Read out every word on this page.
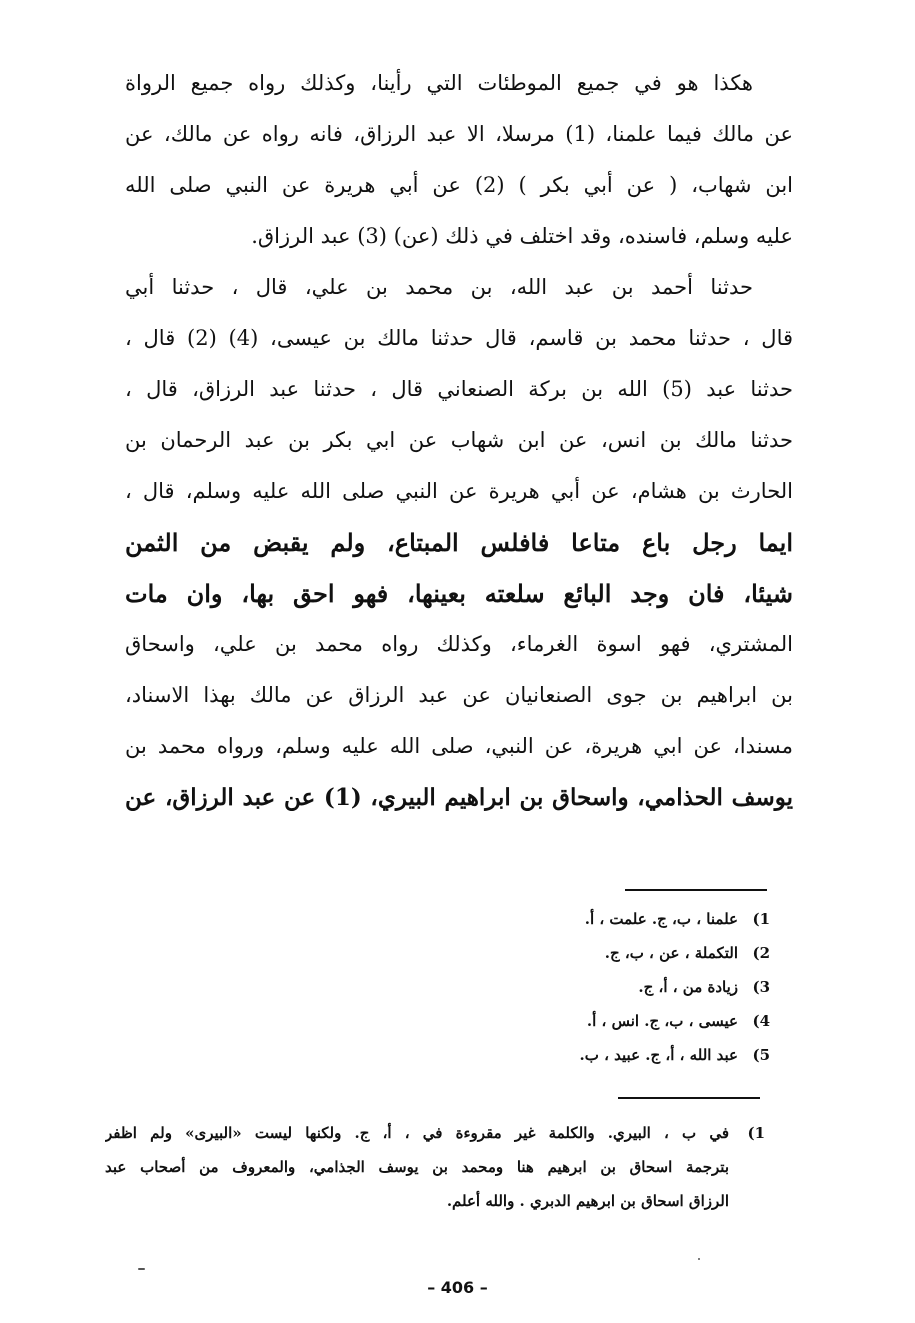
هكذا هو في جميع الموطئات التي رأينا، وكذلك رواه جميع الرواة
عن مالك فيما علمنا، (1) مرسلا، الا عبد الرزاق، فانه رواه عن مالك، عن
ابن شهاب، ( عن أبي بكر ) (2) عن أبي هريرة عن النبي صلى الله
عليه وسلم، فاسنده، وقد اختلف في ذلك (عن) (3) عبد الرزاق.
حدثنا أحمد بن عبد الله، بن محمد بن علي، قال ، حدثنا أبي
قال ، حدثنا محمد بن قاسم، قال حدثنا مالك بن عيسى، (4) (2) قال ،
حدثنا عبد (5) الله بن بركة الصنعاني قال ، حدثنا عبد الرزاق، قال ،
حدثنا مالك بن انس، عن ابن شهاب عن ابي بكر بن عبد الرحمان بن
الحارث بن هشام، عن أبي هريرة عن النبي صلى الله عليه وسلم، قال ،
ايما رجل باع متاعا فافلس المبتاع، ولم يقبض من الثمن
شيئا، فان وجد البائع سلعته بعينها، فهو احق بها، وان مات
المشتري، فهو اسوة الغرماء، وكذلك رواه محمد بن علي، واسحاق
بن ابراهيم بن جوى الصنعانيان عن عبد الرزاق عن مالك بهذا الاسناد،
مسندا، عن ابي هريرة، عن النبي، صلى الله عليه وسلم، ورواه محمد بن
يوسف الحذامي، واسحاق بن ابراهيم البيري، (1) عن عبد الرزاق، عن
1)
علمنا ، ب، ج. علمت ، أ.
2)
التكملة ، عن ، ب، ج.
3)
زيادة من ، أ، ج.
4)
عيسى ، ب، ج. انس ، أ.
5)
عبد الله ، أ، ج. عبيد ، ب.
1)
في ب ، البيري. والكلمة غير مقروءة في ، أ، ج. ولكنها ليست «البيرى» ولم اظفر
بترجمة اسحاق بن ابرهيم هنا ومحمد بن يوسف الجذامي، والمعروف من أصحاب عبد
الرزاق اسحاق بن ابرهيم الدبري . والله أعلم.
– 406 –
